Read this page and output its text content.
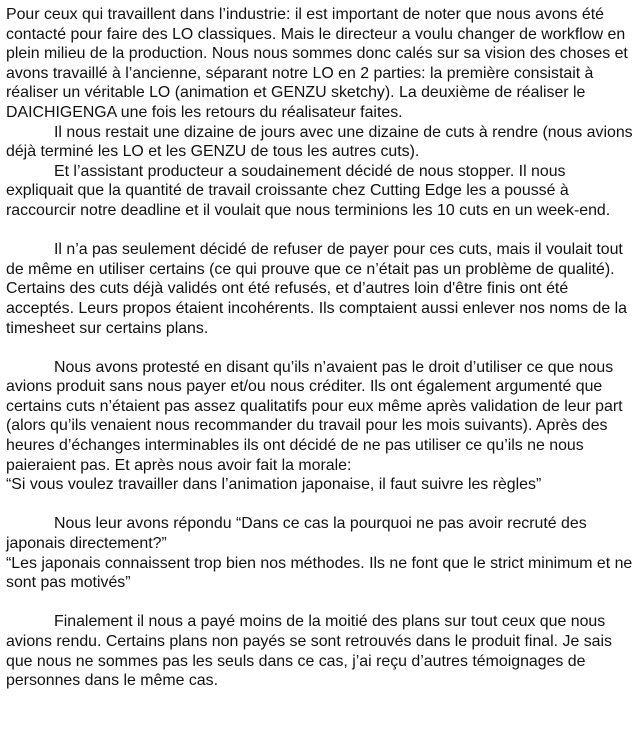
Pour ceux qui travaillent dans l’industrie: il est important de noter que nous avons été contacté pour faire des LO classiques. Mais le directeur a voulu changer de workflow en plein milieu de la production. Nous nous sommes donc calés sur sa vision des choses et avons travaillé à l’ancienne, séparant notre LO en 2 parties: la première consistait à réaliser un véritable LO (animation et GENZU sketchy). La deuxième de réaliser le DAICHIGENGA une fois les retours du réalisateur faites.

Il nous restait une dizaine de jours avec une dizaine de cuts à rendre (nous avions déjà terminé les LO et les GENZU de tous les autres cuts).

Et l’assistant producteur a soudainement décidé de nous stopper. Il nous expliquait que la quantité de travail croissante chez Cutting Edge les a poussé à raccourcir notre deadline et il voulait que nous terminions les 10 cuts en un week-end.

Il n’a pas seulement décidé de refuser de payer pour ces cuts, mais il voulait tout de même en utiliser certains (ce qui prouve que ce n’était pas un problème de qualité). Certains des cuts déjà validés ont été refusés, et d’autres loin d'être finis ont été acceptés. Leurs propos étaient incohérents. Ils comptaient aussi enlever nos noms de la timesheet sur certains plans.

Nous avons protesté en disant qu’ils n’avaient pas le droit d’utiliser ce que nous avions produit sans nous payer et/ou nous créditer. Ils ont également argumenté que certains cuts n’étaient pas assez qualitatifs pour eux même après validation de leur part (alors qu’ils venaient nous recommander du travail pour les mois suivants). Après des heures d’échanges interminables ils ont décidé de ne pas utiliser ce qu’ils ne nous paieraient pas. Et après nous avoir fait la morale:

“Si vous voulez travailler dans l’animation japonaise, il faut suivre les règles”

Nous leur avons répondu “Dans ce cas la pourquoi ne pas avoir recruté des japonais directement?”

“Les japonais connaissent trop bien nos méthodes. Ils ne font que le strict minimum et ne sont pas motivés”

Finalement il nous a payé moins de la moitié des plans sur tout ceux que nous avions rendu. Certains plans non payés se sont retrouvés dans le produit final. Je sais que nous ne sommes pas les seuls dans ce cas, j’ai reçu d’autres témoignages de personnes dans le même cas.
